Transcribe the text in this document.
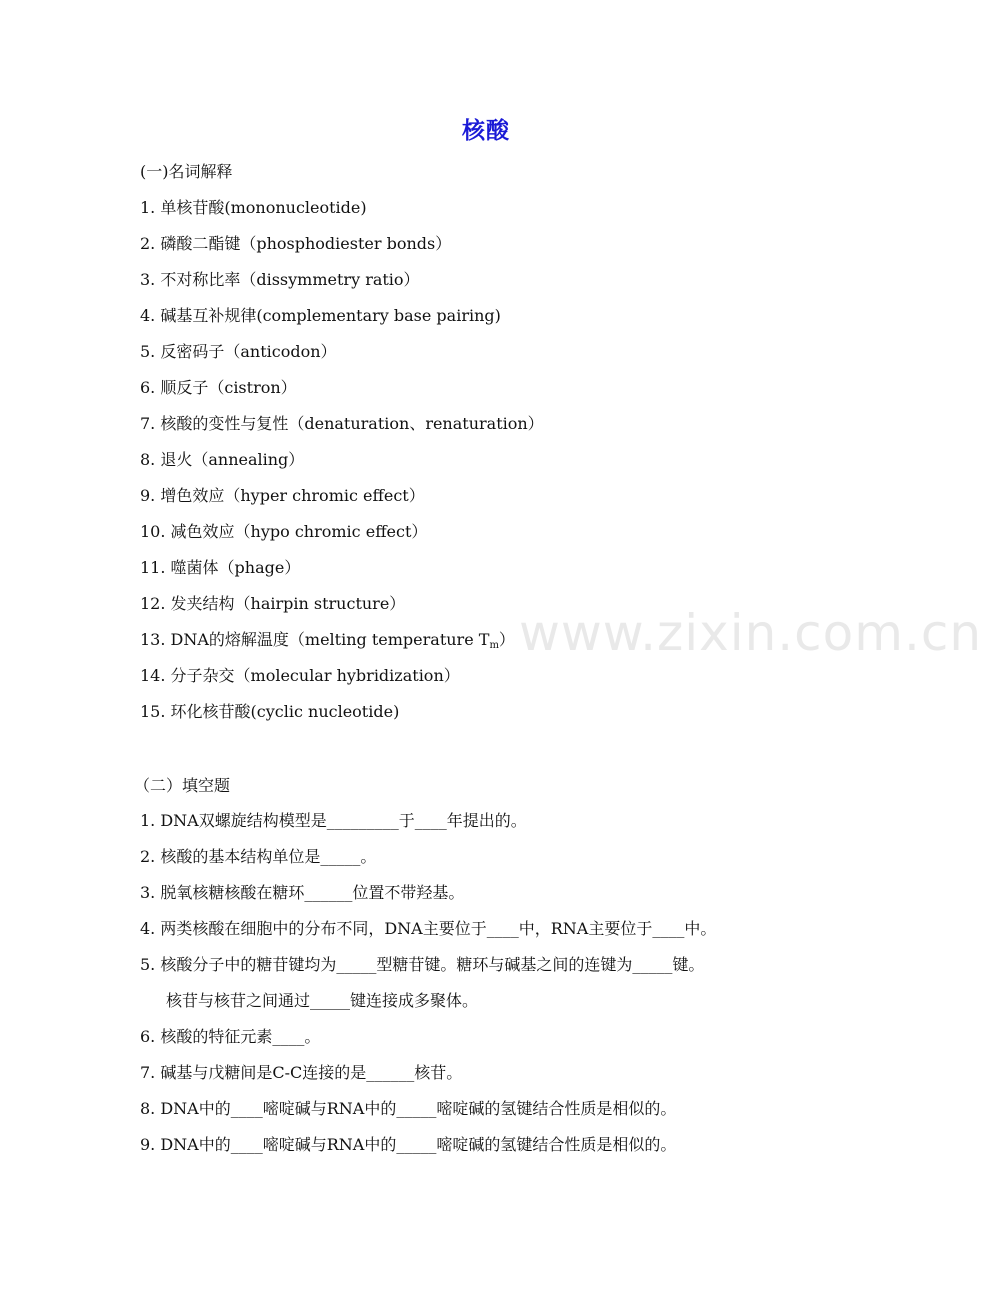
www.zixin.com.cn
核酸
(一)名词解释
1. 单核苷酸(mononucleotide)
2. 磷酸二酯键（phosphodiester bonds）
3. 不对称比率（dissymmetry ratio）
4. 碱基互补规律(complementary base pairing)
5. 反密码子（anticodon）
6. 顺反子（cistron）
7. 核酸的变性与复性（denaturation、renaturation）
8. 退火（annealing）
9. 增色效应（hyper chromic effect）
10. 减色效应（hypo chromic effect）
11. 噬菌体（phage）
12. 发夹结构（hairpin structure）
13. DNA的熔解温度（melting temperature $T_m$）
14. 分子杂交（molecular hybridization）
15. 环化核苷酸(cyclic nucleotide)
（二）填空题
1. DNA双螺旋结构模型是_________于____年提出的。
2. 核酸的基本结构单位是_____。
3. 脱氧核糖核酸在糖环______位置不带羟基。
4. 两类核酸在细胞中的分布不同，DNA主要位于____中，RNA主要位于____中。
5. 核酸分子中的糖苷键均为_____型糖苷键。糖环与碱基之间的连键为_____键。
核苷与核苷之间通过_____键连接成多聚体。
6. 核酸的特征元素____。
7. 碱基与戊糖间是C-C连接的是______核苷。
8. DNA中的____嘧啶碱与RNA中的_____嘧啶碱的氢键结合性质是相似的。
9. DNA中的____嘧啶碱与RNA中的_____嘧啶碱的氢键结合性质是相似的。
